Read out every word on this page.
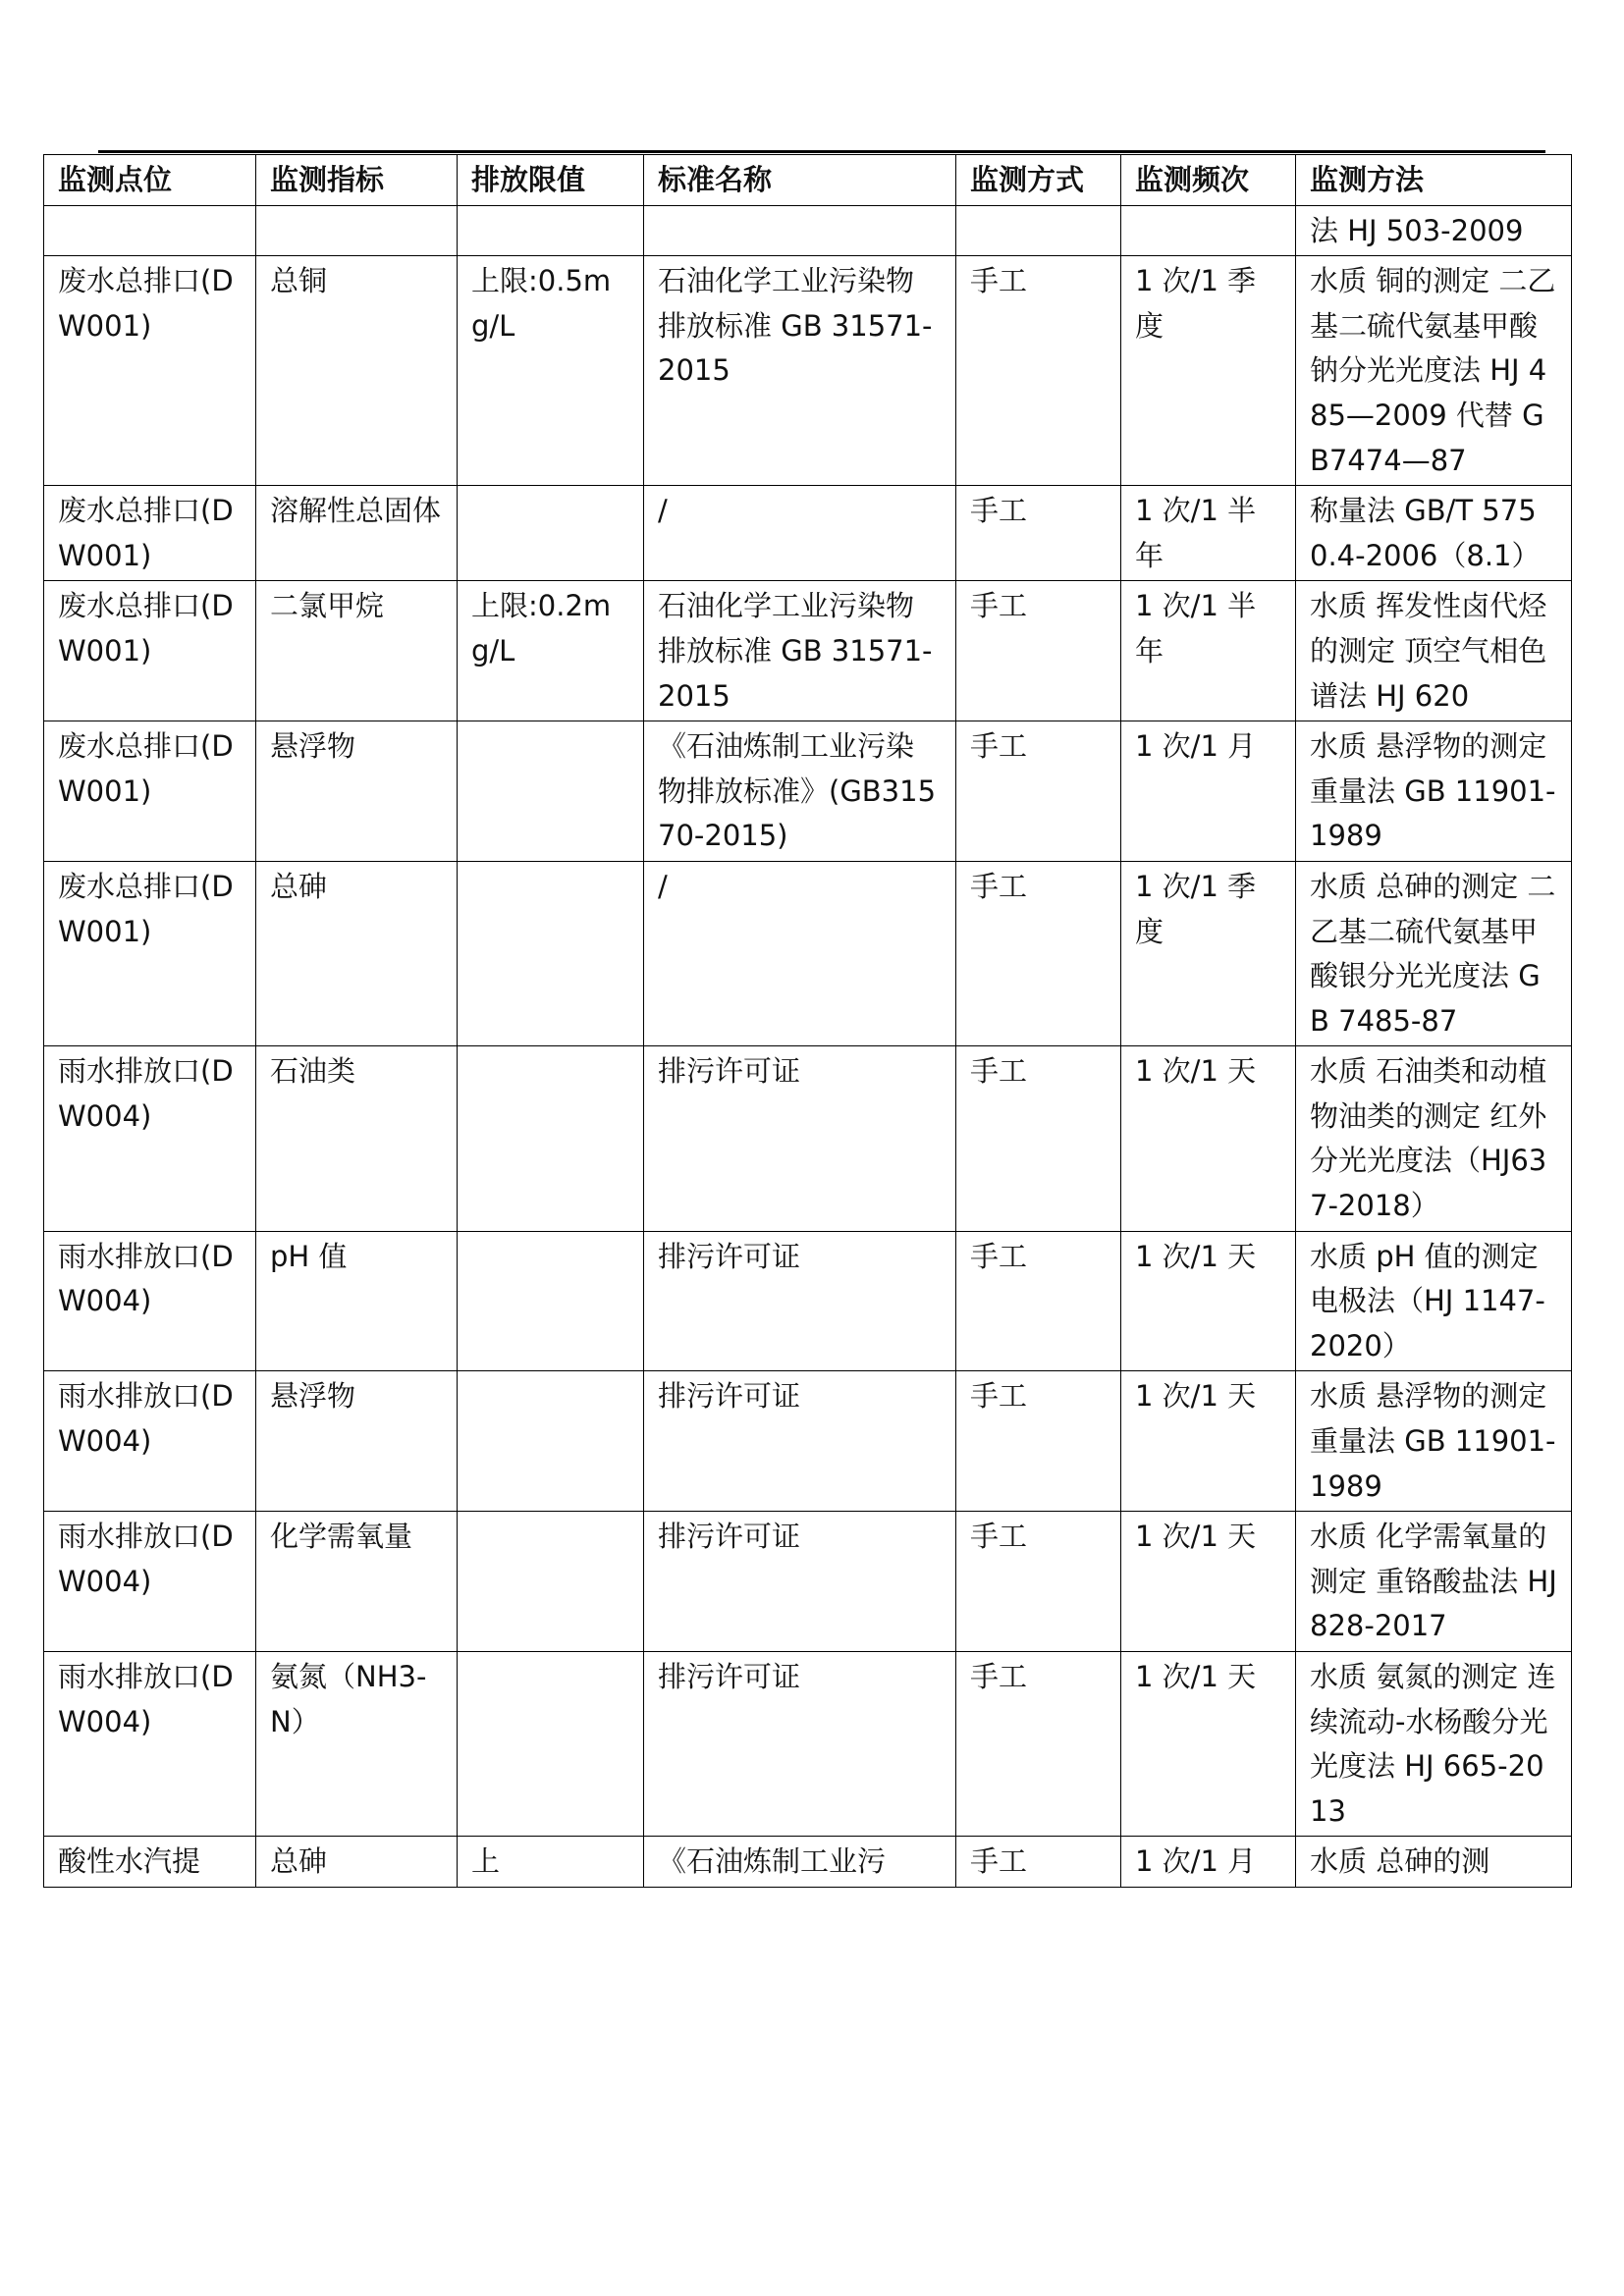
监测点位	监测指标	排放限值	标准名称	监测方式	监测频次	监测方法
						法 HJ 503-2009
废水总排口(DW001)	总铜	上限:0.5mg/L	石油化学工业污染物排放标准 GB 31571-2015	手工	1 次/1 季度	水质 铜的测定 二乙基二硫代氨基甲酸钠分光光度法 HJ 485—2009 代替 GB7474—87
废水总排口(DW001)	溶解性总固体		/	手工	1 次/1 半年	称量法 GB/T 5750.4-2006（8.1）
废水总排口(DW001)	二氯甲烷	上限:0.2mg/L	石油化学工业污染物排放标准 GB 31571-2015	手工	1 次/1 半年	水质 挥发性卤代烃的测定 顶空气相色谱法 HJ 620
废水总排口(DW001)	悬浮物		《石油炼制工业污染物排放标准》(GB31570-2015)	手工	1 次/1 月	水质 悬浮物的测定 重量法 GB 11901-1989
废水总排口(DW001)	总砷		/	手工	1 次/1 季度	水质 总砷的测定 二乙基二硫代氨基甲酸银分光光度法 GB 7485-87
雨水排放口(DW004)	石油类		排污许可证	手工	1 次/1 天	水质 石油类和动植物油类的测定 红外分光光度法（HJ637-2018）
雨水排放口(DW004)	pH 值		排污许可证	手工	1 次/1 天	水质 pH 值的测定 电极法（HJ 1147-2020）
雨水排放口(DW004)	悬浮物		排污许可证	手工	1 次/1 天	水质 悬浮物的测定 重量法 GB 11901-1989
雨水排放口(DW004)	化学需氧量		排污许可证	手工	1 次/1 天	水质 化学需氧量的测定 重铬酸盐法 HJ 828-2017
雨水排放口(DW004)	氨氮（NH3-N）		排污许可证	手工	1 次/1 天	水质 氨氮的测定 连续流动-水杨酸分光光度法 HJ 665-2013
酸性水汽提	总砷	上	《石油炼制工业污	手工	1 次/1 月	水质 总砷的测
